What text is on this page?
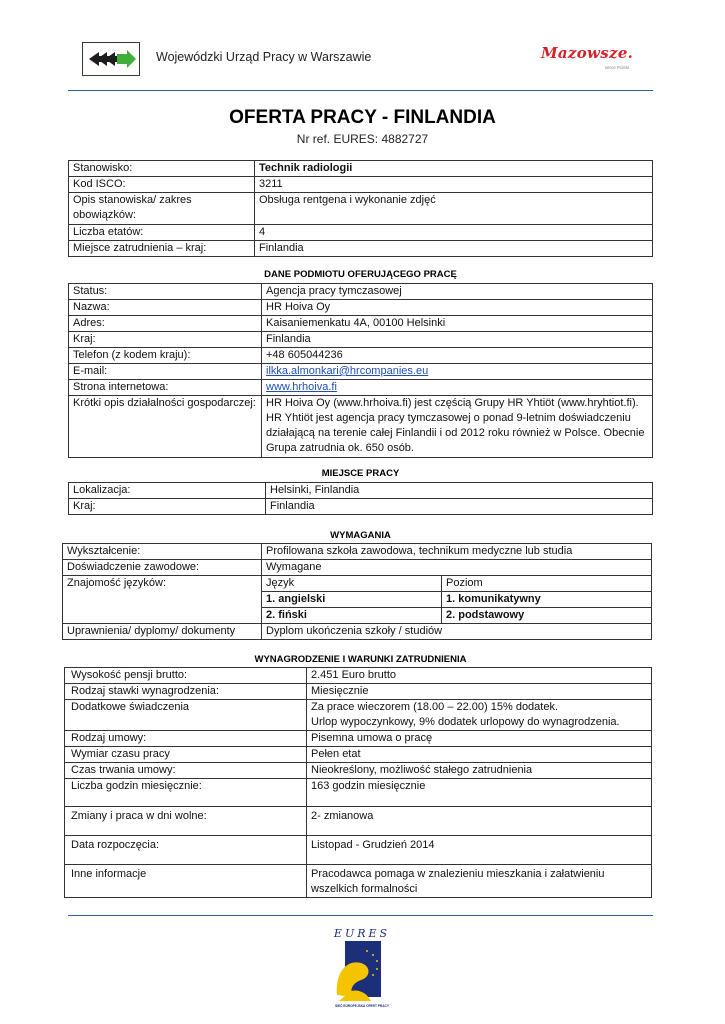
Wojewódzki Urząd Pracy w Warszawie	Mazowsze.
serce Polski
OFERTA PRACY - FINLANDIA
Nr ref. EURES: 4882727
Stanowisko:	Technik radiologii
Kod ISCO:	3211
Opis stanowiska/ zakres obowiązków:	Obsługa rentgena i wykonanie zdjęć
Liczba etatów:	4
Miejsce zatrudnienia – kraj:	Finlandia
DANE PODMIOTU OFERUJĄCEGO PRACĘ
Status:	Agencja pracy tymczasowej
Nazwa:	HR Hoiva Oy
Adres:	Kaisaniemenkatu 4A, 00100 Helsinki
Kraj:	Finlandia
Telefon (z kodem kraju):	+48 605044236
E-mail:	ilkka.almonkari@hrcompanies.eu
Strona internetowa:	www.hrhoiva.fi
Krótki opis działalności gospodarczej:	HR Hoiva Oy (www.hrhoiva.fi) jest częścią Grupy HR Yhtiöt (www.hryhtiot.fi). HR Yhtiöt jest agencja pracy tymczasowej o ponad 9-letnim doświadczeniu działającą na terenie całej Finlandii i od 2012 roku również w Polsce. Obecnie Grupa zatrudnia ok. 650 osób.
MIEJSCE PRACY
Lokalizacja:	Helsinki, Finlandia
Kraj:	Finlandia
WYMAGANIA
Wykształcenie:	Profilowana szkoła zawodowa, technikum medyczne lub studia	
Doświadczenie zawodowe:	Wymagane	
Znajomość języków:	Język	Poziom
	1. angielski	1. komunikatywny
	2. fiński	2. podstawowy
Uprawnienia/ dyplomy/ dokumenty	Dyplom ukończenia szkoły / studiów	
WYNAGRODZENIE I WARUNKI ZATRUDNIENIA
Wysokość pensji brutto:	2.451 Euro brutto
Rodzaj stawki wynagrodzenia:	Miesięcznie
Dodatkowe świadczenia	Za prace wieczorem (18.00 – 22.00) 15% dodatek.
Urlop wypoczynkowy, 9% dodatek urlopowy do wynagrodzenia.

Rodzaj umowy:	Pisemna umowa o pracę
Wymiar czasu pracy	Pełen etat
Czas trwania umowy:	Nieokreślony, możliwość stałego zatrudnienia
Liczba godzin miesięcznie:	163 godzin miesięcznie
Zmiany i praca w dni wolne:	2- zmianowa
Data rozpoczęcia:	Listopad - Grudzień 2014
Inne informacje	Pracodawca pomaga w znalezieniu mieszkania i załatwieniu wszelkich formalności
EURES
SIEĆ EUROPEJSKA OFERT PRACY
